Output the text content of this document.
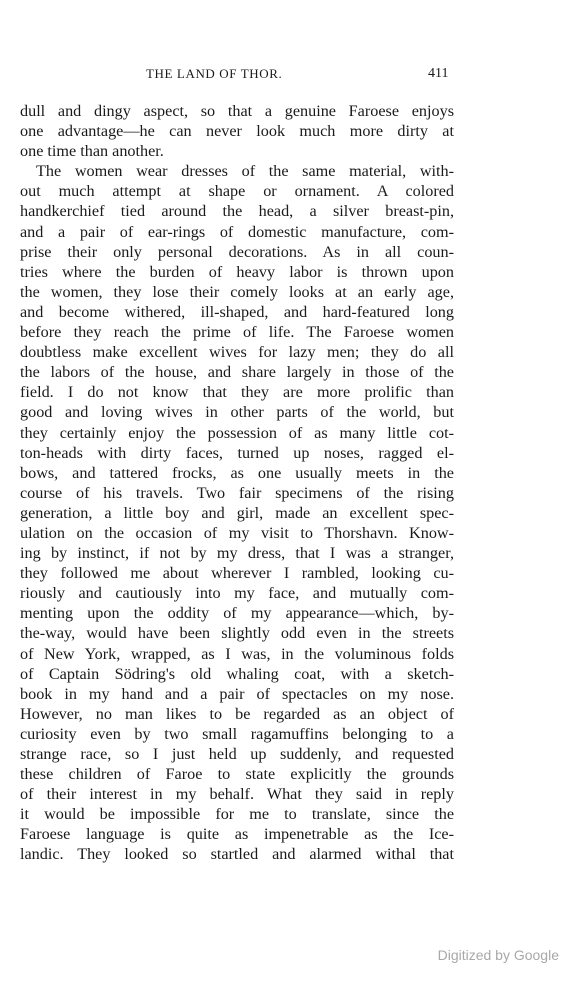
THE LAND OF THOR.	411
dull and dingy aspect, so that a genuine Faroese enjoys
one advantage—he can never look much more dirty at
one time than another.
The women wear dresses of the same material, with-
out much attempt at shape or ornament. A colored
handkerchief tied around the head, a silver breast-pin,
and a pair of ear-rings of domestic manufacture, com-
prise their only personal decorations. As in all coun-
tries where the burden of heavy labor is thrown upon
the women, they lose their comely looks at an early age,
and become withered, ill-shaped, and hard-featured long
before they reach the prime of life. The Faroese women
doubtless make excellent wives for lazy men; they do all
the labors of the house, and share largely in those of the
field. I do not know that they are more prolific than
good and loving wives in other parts of the world, but
they certainly enjoy the possession of as many little cot-
ton-heads with dirty faces, turned up noses, ragged el-
bows, and tattered frocks, as one usually meets in the
course of his travels. Two fair specimens of the rising
generation, a little boy and girl, made an excellent spec-
ulation on the occasion of my visit to Thorshavn. Know-
ing by instinct, if not by my dress, that I was a stranger,
they followed me about wherever I rambled, looking cu-
riously and cautiously into my face, and mutually com-
menting upon the oddity of my appearance—which, by-
the-way, would have been slightly odd even in the streets
of New York, wrapped, as I was, in the voluminous folds
of Captain Södring's old whaling coat, with a sketch-
book in my hand and a pair of spectacles on my nose.
However, no man likes to be regarded as an object of
curiosity even by two small ragamuffins belonging to a
strange race, so I just held up suddenly, and requested
these children of Faroe to state explicitly the grounds
of their interest in my behalf. What they said in reply
it would be impossible for me to translate, since the
Faroese language is quite as impenetrable as the Ice-
landic. They looked so startled and alarmed withal that
Digitized by Google
